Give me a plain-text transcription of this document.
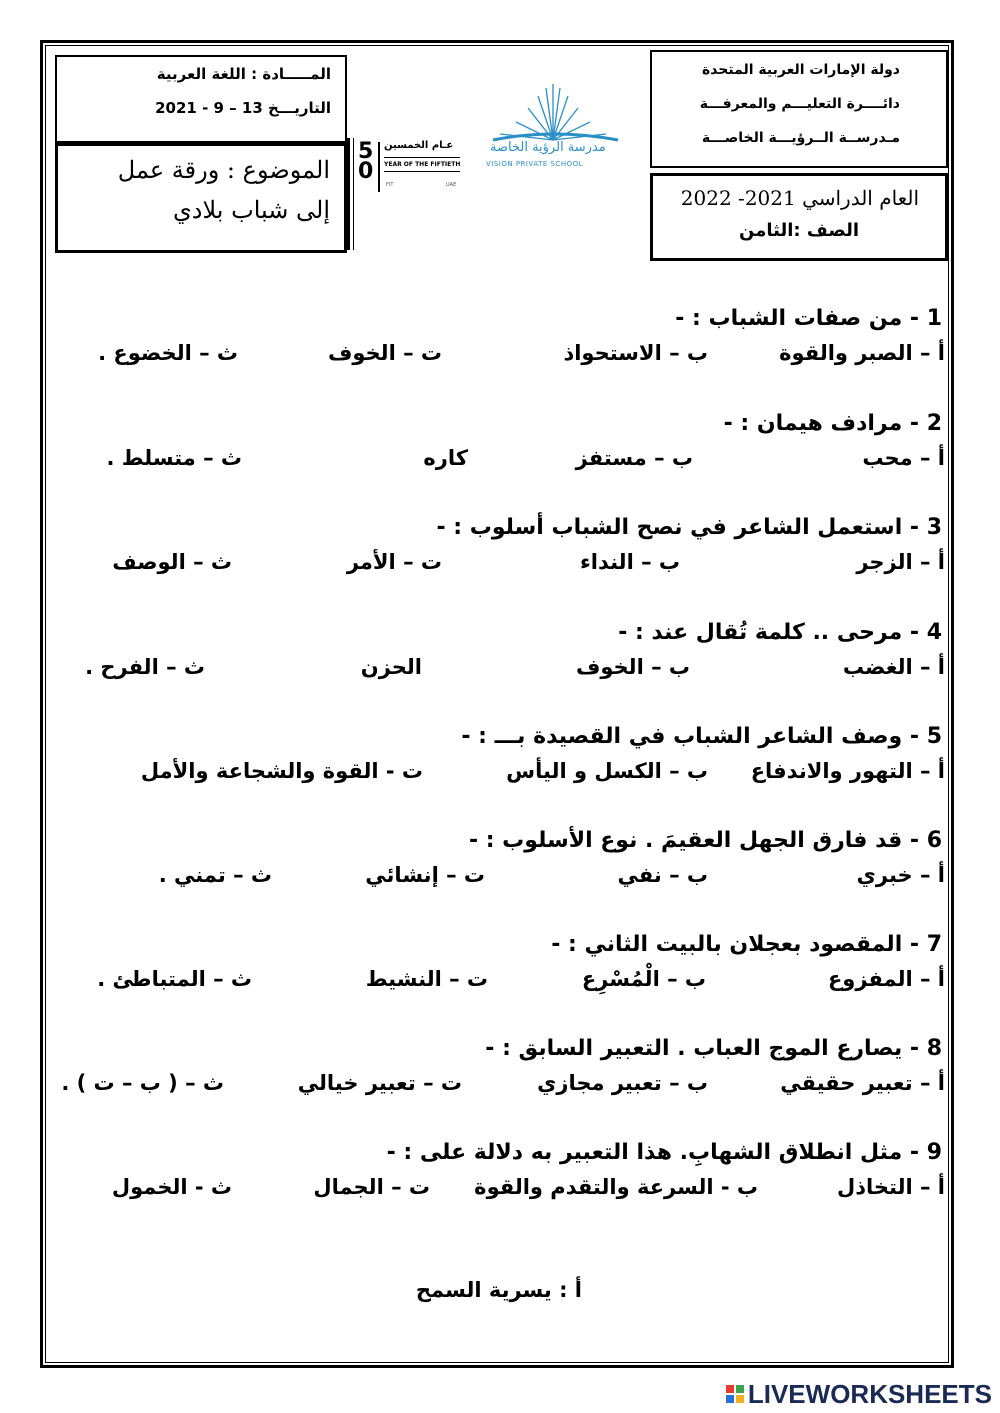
المـــــادة : اللغة العربية
التاريـــخ 13 – 9 - 2021
الموضوع : ورقة عمل
إلى شباب بلادي
50
عـام الخمسين
YEAR OF THE FIFTIETH
FIT	UAE
مدرسة الرؤية الخاصة
VISION PRIVATE SCHOOL
دولة الإمارات العربية المتحدة
دائــــرة التعليـــم والمعرفـــة
مـدرســة الــرؤيـــة الخاصـــة
العام الدراسي 2021- 2022
الصف :الثامن
1 - من صفات الشباب : -
أ – الصبر والقوة
ب – الاستحواذ
ت – الخوف
ث – الخضوع .
2 - مرادف هيمان : -
أ – محب
ب – مستفز
كاره
ث – متسلط .
3 - استعمل الشاعر في نصح الشباب أسلوب : -
أ – الزجر
ب – النداء
ت – الأمر
ث – الوصف
4 - مرحى .. كلمة تُقال عند : -
أ – الغضب
ب – الخوف
الحزن
ث – الفرح .
5 - وصف الشاعر الشباب في القصيدة بـــ : -
أ – التهور والاندفاع
ب – الكسل و اليأس
ت - القوة والشجاعة والأمل
6 - قد فارق الجهل العقيمَ . نوع الأسلوب : -
أ – خبري
ب – نفي
ت – إنشائي
ث – تمني .
7 - المقصود بعجلان بالبيت الثاني : -
أ – المفزوع
ب – الْمُسْرِع
ت – النشيط
ث – المتباطئ .
8 - يصارع الموج العباب . التعبير السابق : -
أ – تعبير حقيقي
ب – تعبير مجازي
ت – تعبير خيالي
ث – ( ب – ت ) .
9 - مثل انطلاق الشهابِ. هذا التعبير به دلالة على : -
أ – التخاذل
ب - السرعة والتقدم والقوة
ت – الجمال
ث - الخمول
أ : يسرية السمح
LIVEWORKSHEETS
